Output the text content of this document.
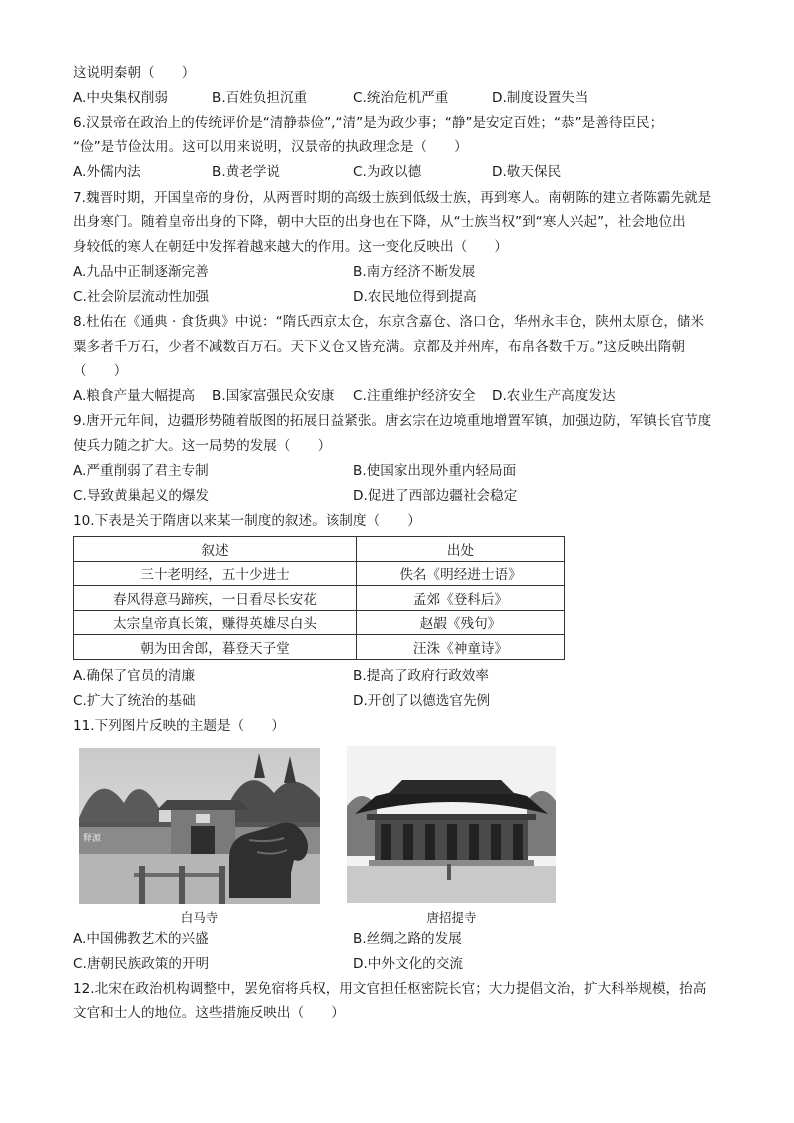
这说明秦朝（　　）
A.中央集权削弱	B.百姓负担沉重	C.统治危机严重	D.制度设置失当
6.汉景帝在政治上的传统评价是“清静恭俭”,“清”是为政少事；“静”是安定百姓；“恭”是善待臣民；
“俭”是节俭汰用。这可以用来说明，汉景帝的执政理念是（　　）
A.外儒内法	B.黄老学说	C.为政以德	D.敬天保民
7.魏晋时期，开国皇帝的身份，从两晋时期的高级士族到低级士族，再到寒人。南朝陈的建立者陈霸先就是
出身寒门。随着皇帝出身的下降，朝中大臣的出身也在下降，从“士族当权”到“寒人兴起”，社会地位出
身较低的寒人在朝廷中发挥着越来越大的作用。这一变化反映出（　　）
A.九品中正制逐渐完善	B.南方经济不断发展
C.社会阶层流动性加强	D.农民地位得到提高
8.杜佑在《通典 · 食货典》中说：“隋氏西京太仓，东京含嘉仓、洛口仓，华州永丰仓，陕州太原仓，储米
粟多者千万石，少者不减数百万石。天下义仓又皆充满。京都及并州库，布帛各数千万。”这反映出隋朝
（　　）
A.粮食产量大幅提高 B.国家富强民众安康 C.注重维护经济安全 D.农业生产高度发达
9.唐开元年间，边疆形势随着版图的拓展日益紧张。唐玄宗在边境重地增置军镇，加强边防，军镇长官节度
使兵力随之扩大。这一局势的发展（　　）
A.严重削弱了君主专制	B.使国家出现外重内轻局面
C.导致黄巢起义的爆发	D.促进了西部边疆社会稳定
10.下表是关于隋唐以来某一制度的叙述。该制度（　　）
叙述	出处
三十老明经，五十少进士	佚名《明经进士语》
春风得意马蹄疾，一日看尽长安花	孟郊《登科后》
太宗皇帝真长策，赚得英雄尽白头	赵嘏《残句》
朝为田舍郎，暮登天子堂	汪洙《神童诗》
A.确保了官员的清廉	B.提高了政府行政效率
C.扩大了统治的基础	D.开创了以德选官先例
11.下列图片反映的主题是（　　）
释源
白马寺	唐招提寺
A.中国佛教艺术的兴盛	B.丝绸之路的发展
C.唐朝民族政策的开明	D.中外文化的交流
12.北宋在政治机构调整中，罢免宿将兵权，用文官担任枢密院长官；大力提倡文治，扩大科举规模，抬高
文官和士人的地位。这些措施反映出（　　）
